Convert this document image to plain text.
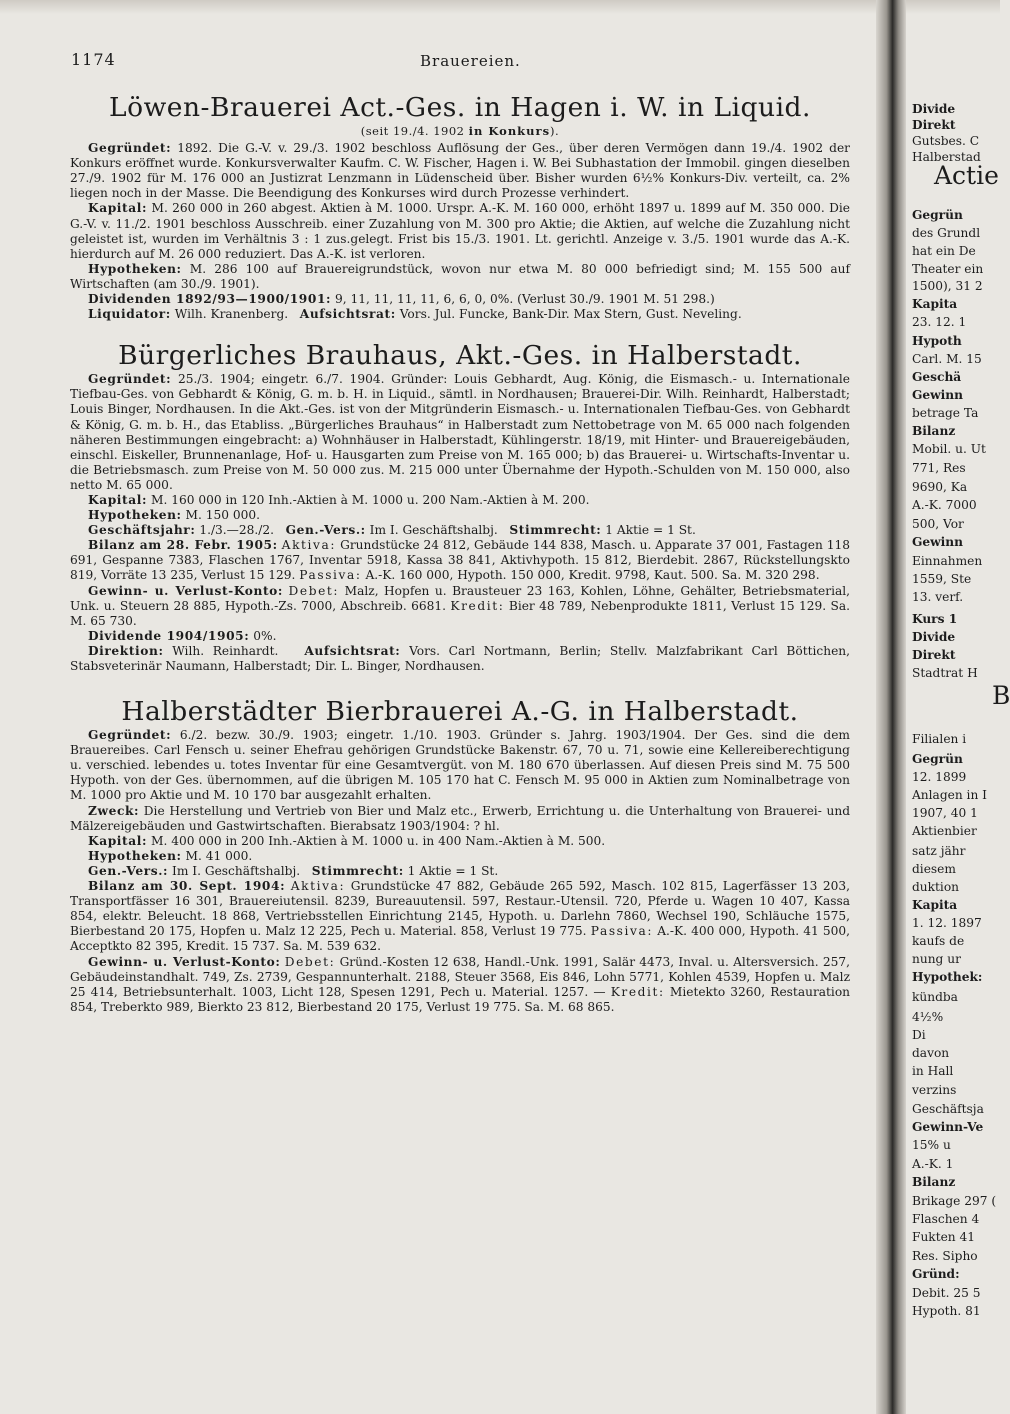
1174	Brauereien.
Löwen-Brauerei Act.-Ges. in Hagen i. W. in Liquid.
(seit 19./4. 1902 in Konkurs).

Gegründet: 1892. Die G.-V. v. 29./3. 1902 beschloss Auflösung der Ges., über deren Vermögen dann 19./4. 1902 der Konkurs eröffnet wurde. Konkursverwalter Kaufm. C. W. Fischer, Hagen i. W. Bei Subhastation der Immobil. gingen dieselben 27./9. 1902 für M. 176 000 an Justizrat Lenzmann in Lüdenscheid über. Bisher wurden 6½% Konkurs-Div. verteilt, ca. 2% liegen noch in der Masse. Die Beendigung des Konkurses wird durch Prozesse verhindert.

Kapital: M. 260 000 in 260 abgest. Aktien à M. 1000. Urspr. A.-K. M. 160 000, erhöht 1897 u. 1899 auf M. 350 000. Die G.-V. v. 11./2. 1901 beschloss Ausschreib. einer Zuzahlung von M. 300 pro Aktie; die Aktien, auf welche die Zuzahlung nicht geleistet ist, wurden im Verhältnis 3 : 1 zus.gelegt. Frist bis 15./3. 1901. Lt. gerichtl. Anzeige v. 3./5. 1901 wurde das A.-K. hierdurch auf M. 26 000 reduziert. Das A.-K. ist verloren.

Hypotheken: M. 286 100 auf Brauereigrundstück, wovon nur etwa M. 80 000 befriedigt sind; M. 155 500 auf Wirtschaften (am 30./9. 1901).

Dividenden 1892/93—1900/1901: 9, 11, 11, 11, 11, 6, 6, 0, 0%. (Verlust 30./9. 1901 M. 51 298.)

Liquidator: Wilh. Kranenberg. Aufsichtsrat: Vors. Jul. Funcke, Bank-Dir. Max Stern, Gust. Neveling.

Bürgerliches Brauhaus, Akt.-Ges. in Halberstadt.

Gegründet: 25./3. 1904; eingetr. 6./7. 1904. Gründer: Louis Gebhardt, Aug. König, die Eismasch.- u. Internationale Tiefbau-Ges. von Gebhardt & König, G. m. b. H. in Liquid., sämtl. in Nordhausen; Brauerei-Dir. Wilh. Reinhardt, Halberstadt; Louis Binger, Nordhausen. In die Akt.-Ges. ist von der Mitgründerin Eismasch.- u. Internationalen Tiefbau-Ges. von Gebhardt & König, G. m. b. H., das Etabliss. „Bürgerliches Brauhaus“ in Halberstadt zum Nettobetrage von M. 65 000 nach folgenden näheren Bestimmungen eingebracht: a) Wohnhäuser in Halberstadt, Kühlingerstr. 18/19, mit Hinter- und Brauereigebäuden, einschl. Eiskeller, Brunnenanlage, Hof- u. Hausgarten zum Preise von M. 165 000; b) das Brauerei- u. Wirtschafts-Inventar u. die Betriebsmasch. zum Preise von M. 50 000 zus. M. 215 000 unter Übernahme der Hypoth.-Schulden von M. 150 000, also netto M. 65 000.

Kapital: M. 160 000 in 120 Inh.-Aktien à M. 1000 u. 200 Nam.-Aktien à M. 200.

Hypotheken: M. 150 000.

Geschäftsjahr: 1./3.—28./2. Gen.-Vers.: Im I. Geschäftshalbj. Stimmrecht: 1 Aktie = 1 St.

Bilanz am 28. Febr. 1905: Aktiva: Grundstücke 24 812, Gebäude 144 838, Masch. u. Apparate 37 001, Fastagen 118 691, Gespanne 7383, Flaschen 1767, Inventar 5918, Kassa 38 841, Aktivhypoth. 15 812, Bierdebit. 2867, Rückstellungskto 819, Vorräte 13 235, Verlust 15 129. Passiva: A.-K. 160 000, Hypoth. 150 000, Kredit. 9798, Kaut. 500. Sa. M. 320 298.

Gewinn- u. Verlust-Konto: Debet: Malz, Hopfen u. Brausteuer 23 163, Kohlen, Löhne, Gehälter, Betriebsmaterial, Unk. u. Steuern 28 885, Hypoth.-Zs. 7000, Abschreib. 6681. Kredit: Bier 48 789, Nebenprodukte 1811, Verlust 15 129. Sa. M. 65 730.

Dividende 1904/1905: 0%.

Direktion: Wilh. Reinhardt. Aufsichtsrat: Vors. Carl Nortmann, Berlin; Stellv. Malzfabrikant Carl Böttichen, Stabsveterinär Naumann, Halberstadt; Dir. L. Binger, Nordhausen.

Halberstädter Bierbrauerei A.-G. in Halberstadt.

Gegründet: 6./2. bezw. 30./9. 1903; eingetr. 1./10. 1903. Gründer s. Jahrg. 1903/1904. Der Ges. sind die dem Brauereibes. Carl Fensch u. seiner Ehefrau gehörigen Grundstücke Bakenstr. 67, 70 u. 71, sowie eine Kellereiberechtigung u. verschied. lebendes u. totes Inventar für eine Gesamtvergüt. von M. 180 670 überlassen. Auf diesen Preis sind M. 75 500 Hypoth. von der Ges. übernommen, auf die übrigen M. 105 170 hat C. Fensch M. 95 000 in Aktien zum Nominalbetrage von M. 1000 pro Aktie und M. 10 170 bar ausgezahlt erhalten.

Zweck: Die Herstellung und Vertrieb von Bier und Malz etc., Erwerb, Errichtung u. die Unterhaltung von Brauerei- und Mälzereigebäuden und Gastwirtschaften. Bierabsatz 1903/1904: ? hl.

Kapital: M. 400 000 in 200 Inh.-Aktien à M. 1000 u. in 400 Nam.-Aktien à M. 500.

Hypotheken: M. 41 000.

Gen.-Vers.: Im I. Geschäftshalbj. Stimmrecht: 1 Aktie = 1 St.

Bilanz am 30. Sept. 1904: Aktiva: Grundstücke 47 882, Gebäude 265 592, Masch. 102 815, Lagerfässer 13 203, Transportfässer 16 301, Brauereiutensil. 8239, Bureauutensil. 597, Restaur.-Utensil. 720, Pferde u. Wagen 10 407, Kassa 854, elektr. Beleucht. 18 868, Vertriebsstellen Einrichtung 2145, Hypoth. u. Darlehn 7860, Wechsel 190, Schläuche 1575, Bierbestand 20 175, Hopfen u. Malz 12 225, Pech u. Material. 858, Verlust 19 775. Passiva: A.-K. 400 000, Hypoth. 41 500, Acceptkto 82 395, Kredit. 15 737. Sa. M. 539 632.

Gewinn- u. Verlust-Konto: Debet: Gründ.-Kosten 12 638, Handl.-Unk. 1991, Salär 4473, Inval. u. Altersversich. 257, Gebäudeinstandhalt. 749, Zs. 2739, Gespannunterhalt. 2188, Steuer 3568, Eis 846, Lohn 5771, Kohlen 4539, Hopfen u. Malz 25 414, Betriebsunterhalt. 1003, Licht 128, Spesen 1291, Pech u. Material. 1257. — Kredit: Mietekto 3260, Restauration 854, Treberkto 989, Bierkto 23 812, Bierbestand 20 175, Verlust 19 775. Sa. M. 68 865.

Divide
Direkt
Gutsbes. C
Halberstad
Actie
Gegrün
des Grundl
hat ein De
Theater ein
1500), 31 2
Kapita
23. 12. 1
Hypoth
Carl. M. 15
Geschä
Gewinn
betrage Ta
Bilanz
Mobil. u. Ut
771, Res
9690, Ka
A.-K. 7000
500, Vor
Gewinn
Einnahmen
1559, Ste
13. verf.
Kurs 1
Divide
Direkt
Stadtrat H
B
Filialen i
Gegrün
12. 1899
Anlagen in I
1907, 40 1
Aktienbier
satz jähr
diesem
duktion
Kapita
1. 12. 1897
kaufs de
nung ur
Hypothek:
kündba
4½%
Di
davon
in Hall
verzins
Geschäftsja
Gewinn-Ve
15% u
A.-K. 1
Bilanz
Brikage 297 (
Flaschen 4
Fukten 41
Res. Sipho
Gründ:
Debit. 25 5
Hypoth. 81
